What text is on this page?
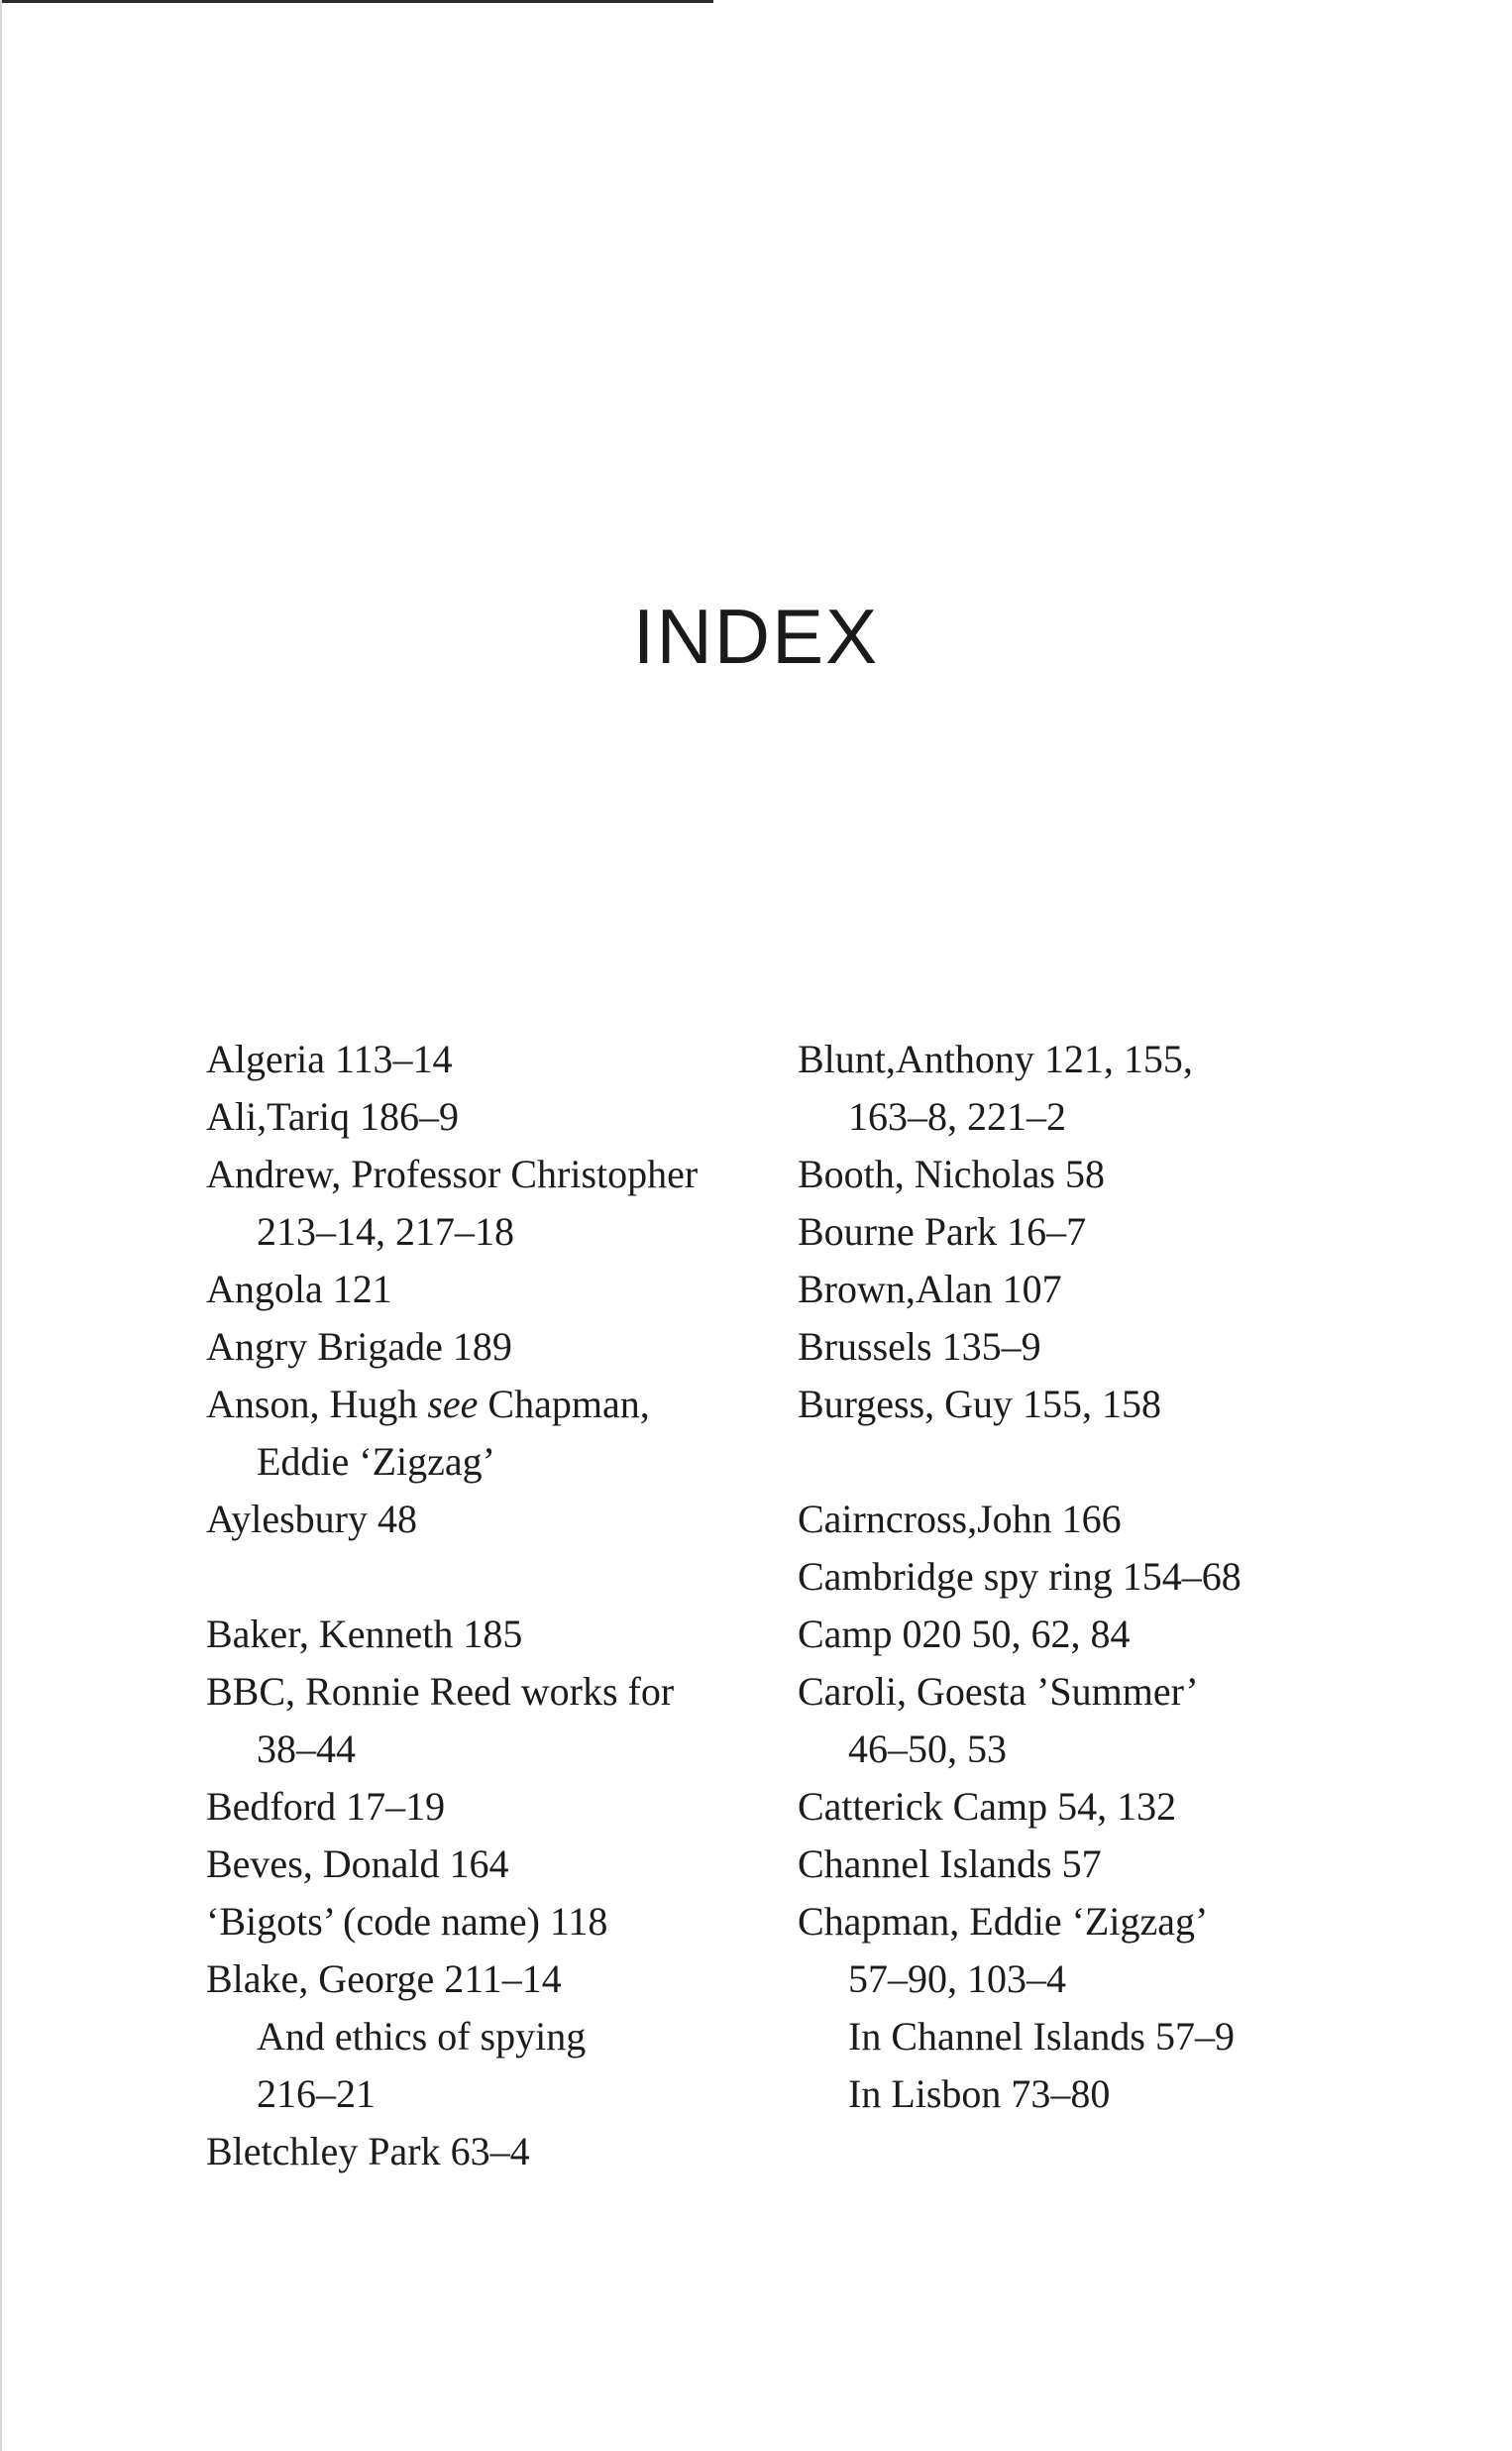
INDEX
Algeria 113–14
Ali,Tariq 186–9
Andrew, Professor Christopher
213–14, 217–18
Angola 121
Angry Brigade 189
Anson, Hugh see Chapman,
Eddie ‘Zigzag’
Aylesbury 48
Baker, Kenneth 185
BBC, Ronnie Reed works for
38–44
Bedford 17–19
Beves, Donald 164
‘Bigots’ (code name) 118
Blake, George 211–14
And ethics of spying
216–21
Bletchley Park 63–4
Blunt,Anthony 121, 155,
163–8, 221–2
Booth, Nicholas 58
Bourne Park 16–7
Brown,Alan 107
Brussels 135–9
Burgess, Guy 155, 158
Cairncross,John 166
Cambridge spy ring 154–68
Camp 020 50, 62, 84
Caroli, Goesta ’Summer’
46–50, 53
Catterick Camp 54, 132
Channel Islands 57
Chapman, Eddie ‘Zigzag’
57–90, 103–4
In Channel Islands 57–9
In Lisbon 73–80
